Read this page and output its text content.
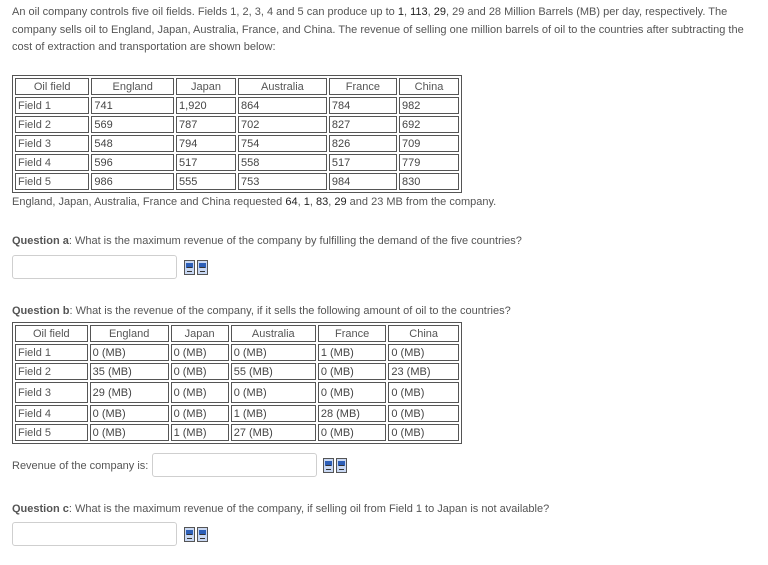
An oil company controls five oil fields. Fields 1, 2, 3, 4 and 5 can produce up to 1, 113, 29, 29 and 28 Million Barrels (MB) per day, respectively. The company sells oil to England, Japan, Australia, France, and China. The revenue of selling one million barrels of oil to the countries after subtracting the cost of extraction and transportation are shown below:
Oil field	England	Japan	Australia	France	China
Field 1	741	1,920	864	784	982
Field 2	569	787	702	827	692
Field 3	548	794	754	826	709
Field 4	596	517	558	517	779
Field 5	986	555	753	984	830
England, Japan, Australia, France and China requested 64, 1, 83, 29 and 23 MB from the company.
Question a: What is the maximum revenue of the company by fulfilling the demand of the five countries?
Question b: What is the revenue of the company, if it sells the following amount of oil to the countries?
Oil field	England	Japan	Australia	France	China
Field 1	0 (MB)	0 (MB)	0 (MB)	1 (MB)	0 (MB)
Field 2	35 (MB)	0 (MB)	55 (MB)	0 (MB)	23 (MB)
Field 3	29 (MB)	0 (MB)	0 (MB)	0 (MB)	0 (MB)
Field 4	0 (MB)	0 (MB)	1 (MB)	28 (MB)	0 (MB)
Field 5	0 (MB)	1 (MB)	27 (MB)	0 (MB)	0 (MB)
Revenue of the company is:
Question c: What is the maximum revenue of the company, if selling oil from Field 1 to Japan is not available?
